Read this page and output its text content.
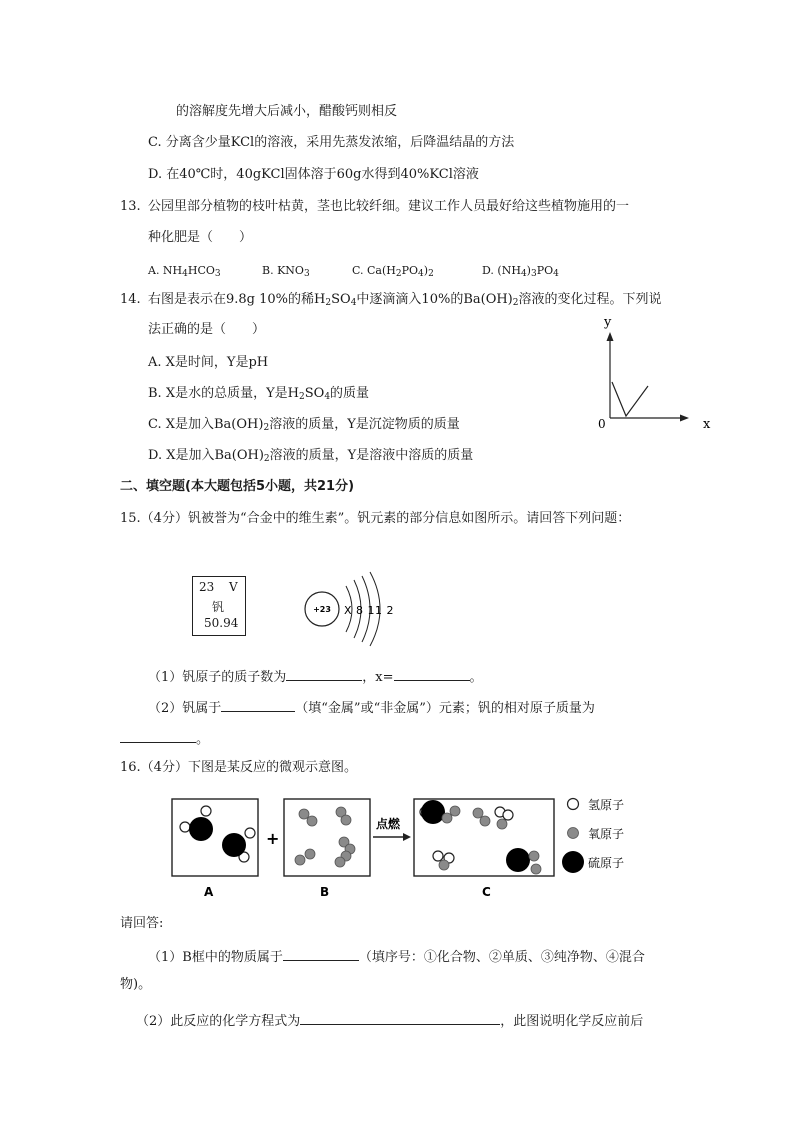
的溶解度先增大后减小，醋酸钙则相反
C. 分离含少量KCl的溶液，采用先蒸发浓缩，后降温结晶的方法
D. 在40℃时，40gKCl固体溶于60g水得到40%KCl溶液
13. 公园里部分植物的枝叶枯黄，茎也比较纤细。建议工作人员最好给这些植物施用的一
种化肥是（　　）
A. $NH_4HCO_3$	B. $KNO_3$	C. $Ca(H_2PO_4)_2$	D. $(NH_4)_3PO_4$
14. 右图是表示在9.8g 10%的稀$H_2SO_4$中逐滴滴入10%的$Ba(OH)_2$溶液的变化过程。下列说
法正确的是（　　）
A. X是时间，Y是pH
B. X是水的总质量，Y是$H_2SO_4$的质量
C. X是加入$Ba(OH)_2$溶液的质量，Y是沉淀物质的质量
D. X是加入$Ba(OH)_2$溶液的质量，Y是溶液中溶质的质量
y
x
0
二、填空题(本大题包括5小题，共21分)
15.（4分）钒被誉为“合金中的维生素”。钒元素的部分信息如图所示。请回答下列问题：
23 V
钒
50.94
+23 X 8 11 2
（1）钒原子的质子数为	，x=	。
（2）钒属于	（填“金属”或“非金属”）元素；钒的相对原子质量为
。
16.（4分）下图是某反应的微观示意图。
A
+
B
点燃
C
氢原子
氧原子
硫原子
请回答:
（1）B框中的物质属于	（填序号：①化合物、②单质、③纯净物、④混合
物)。
（2）此反应的化学方程式为	，此图说明化学反应前后
